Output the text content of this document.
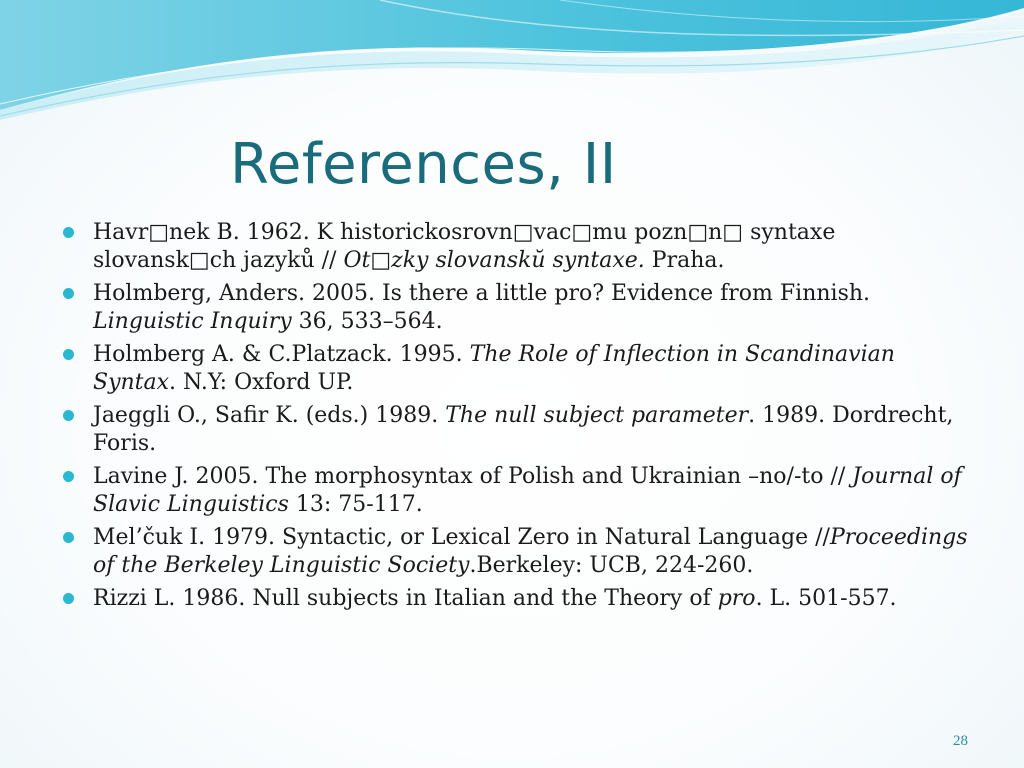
References, II
Havr□nek B. 1962. K historickosrovn□vac□mu pozn□n□ syntaxe slovansk□ch jazyků // Ot□zky slovanskŭ syntaxe. Praha.
Holmberg, Anders. 2005. Is there a little pro? Evidence from Finnish. Linguistic Inquiry 36, 533–564.
Holmberg A. & C.Platzack. 1995. The Role of Inflection in Scandinavian Syntax. N.Y: Oxford UP.
Jaeggli O., Safir K. (eds.) 1989. The null subject parameter. 1989. Dordrecht, Foris.
Lavine J. 2005. The morphosyntax of Polish and Ukrainian –no/-to // Journal of Slavic Linguistics 13: 75-117.
Mel’čuk I. 1979. Syntactic, or Lexical Zero in Natural Language //Proceedings of the Berkeley Linguistic Society.Berkeley: UCB, 224-260.
Rizzi L. 1986. Null subjects in Italian and the Theory of pro. L. 501-557.
28
